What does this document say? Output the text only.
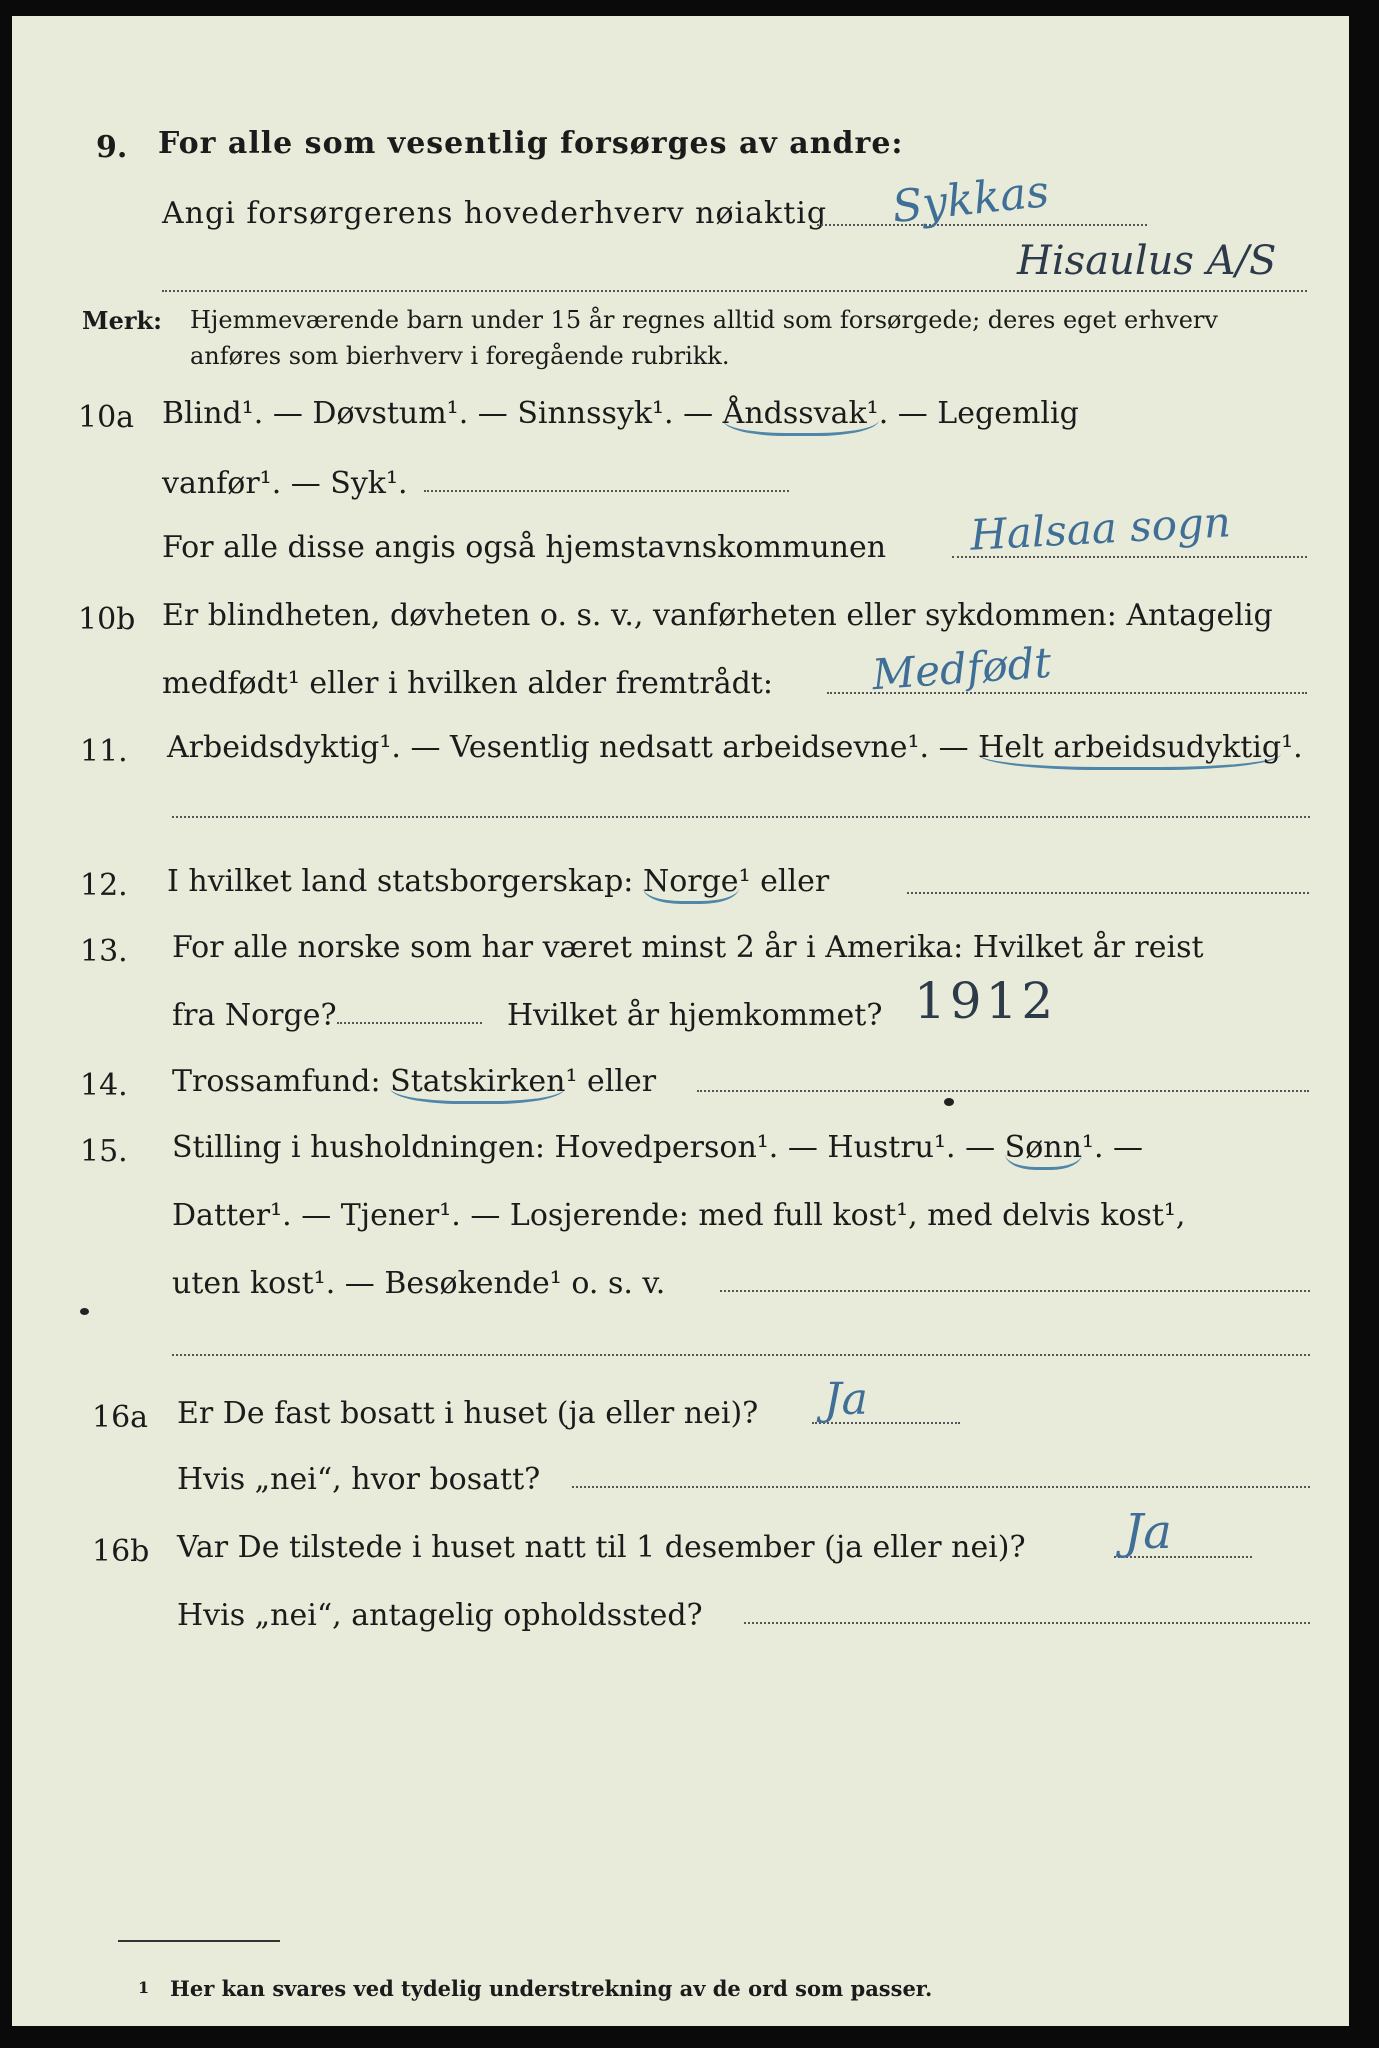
9. For alle som vesentlig forsørges av andre:
Angi forsørgerens hovederhverv nøiaktig Sykkas
Hisaulus A/S
Merk: Hjemmeværende barn under 15 år regnes alltid som forsørgede; deres eget erhverv
anføres som bierhverv i foregående rubrikk.
10a Blind¹. — Døvstum¹. — Sinnssyk¹. — Åndssvak¹. — Legemlig
vanfør¹. — Syk¹.
For alle disse angis også hjemstavnskommunen Halsaa sogn
10b Er blindheten, døvheten o. s. v., vanførheten eller sykdommen: Antagelig
medfødt¹ eller i hvilken alder fremtrådt: Medfødt
11. Arbeidsdyktig¹. — Vesentlig nedsatt arbeidsevne¹. — Helt arbeidsudyktig¹.
12. I hvilket land statsborgerskap: Norge¹ eller
13. For alle norske som har været minst 2 år i Amerika: Hvilket år reist
fra Norge?	Hvilket år hjemkommet? 1912
14. Trossamfund: Statskirken¹ eller
15. Stilling i husholdningen: Hovedperson¹. — Hustru¹. — Sønn¹. —
Datter¹. — Tjener¹. — Losjerende: med full kost¹, med delvis kost¹,
uten kost¹. — Besøkende¹ o. s. v.
16a Er De fast bosatt i huset (ja eller nei)? Ja
Hvis „nei“, hvor bosatt?
16b Var De tilstede i huset natt til 1 desember (ja eller nei)? Ja
Hvis „nei“, antagelig opholdssted?
1 Her kan svares ved tydelig understrekning av de ord som passer.
